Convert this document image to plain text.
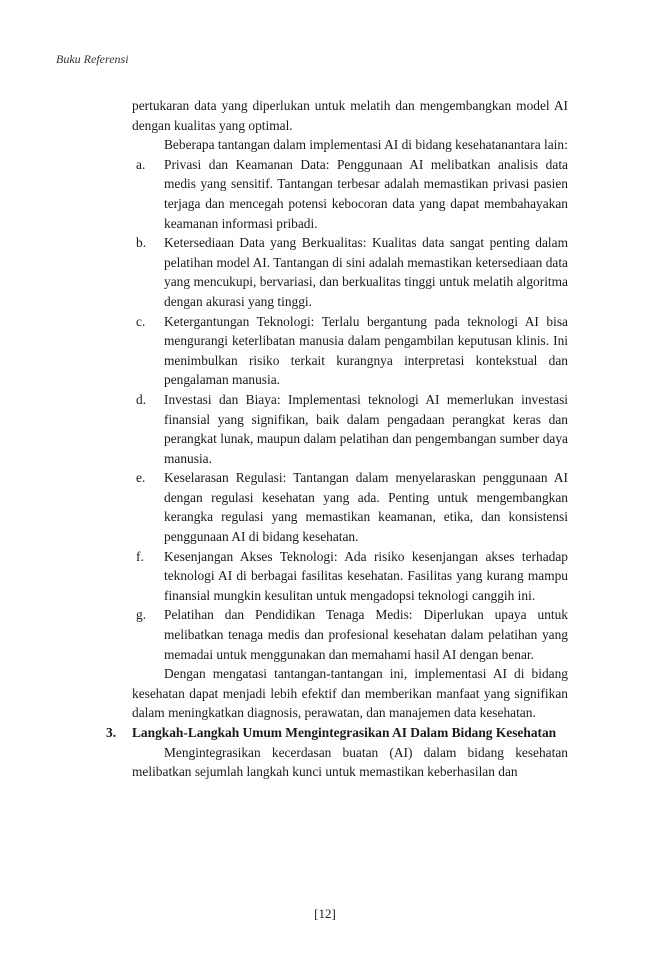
Buku Referensi

pertukaran data yang diperlukan untuk melatih dan mengembangkan model AI dengan kualitas yang optimal.

Beberapa tantangan dalam implementasi AI di bidang kesehatanantara lain:

a. Privasi dan Keamanan Data: Penggunaan AI melibatkan analisis data medis yang sensitif. Tantangan terbesar adalah memastikan privasi pasien terjaga dan mencegah potensi kebocoran data yang dapat membahayakan keamanan informasi pribadi.
b. Ketersediaan Data yang Berkualitas: Kualitas data sangat penting dalam pelatihan model AI. Tantangan di sini adalah memastikan ketersediaan data yang mencukupi, bervariasi, dan berkualitas tinggi untuk melatih algoritma dengan akurasi yang tinggi.
c. Ketergantungan Teknologi: Terlalu bergantung pada teknologi AI bisa mengurangi keterlibatan manusia dalam pengambilan keputusan klinis. Ini menimbulkan risiko terkait kurangnya interpretasi kontekstual dan pengalaman manusia.
d. Investasi dan Biaya: Implementasi teknologi AI memerlukan investasi finansial yang signifikan, baik dalam pengadaan perangkat keras dan perangkat lunak, maupun dalam pelatihan dan pengembangan sumber daya manusia.
e. Keselarasan Regulasi: Tantangan dalam menyelaraskan penggunaan AI dengan regulasi kesehatan yang ada. Penting untuk mengembangkan kerangka regulasi yang memastikan keamanan, etika, dan konsistensi penggunaan AI di bidang kesehatan.
f. Kesenjangan Akses Teknologi: Ada risiko kesenjangan akses terhadap teknologi AI di berbagai fasilitas kesehatan. Fasilitas yang kurang mampu finansial mungkin kesulitan untuk mengadopsi teknologi canggih ini.
g. Pelatihan dan Pendidikan Tenaga Medis: Diperlukan upaya untuk melibatkan tenaga medis dan profesional kesehatan dalam pelatihan yang memadai untuk menggunakan dan memahami hasil AI dengan benar.

Dengan mengatasi tantangan-tantangan ini, implementasi AI di bidang kesehatan dapat menjadi lebih efektif dan memberikan manfaat yang signifikan dalam meningkatkan diagnosis, perawatan, dan manajemen data kesehatan.

3. Langkah-Langkah Umum Mengintegrasikan AI Dalam Bidang Kesehatan

Mengintegrasikan kecerdasan buatan (AI) dalam bidang kesehatan melibatkan sejumlah langkah kunci untuk memastikan keberhasilan dan

[12]
